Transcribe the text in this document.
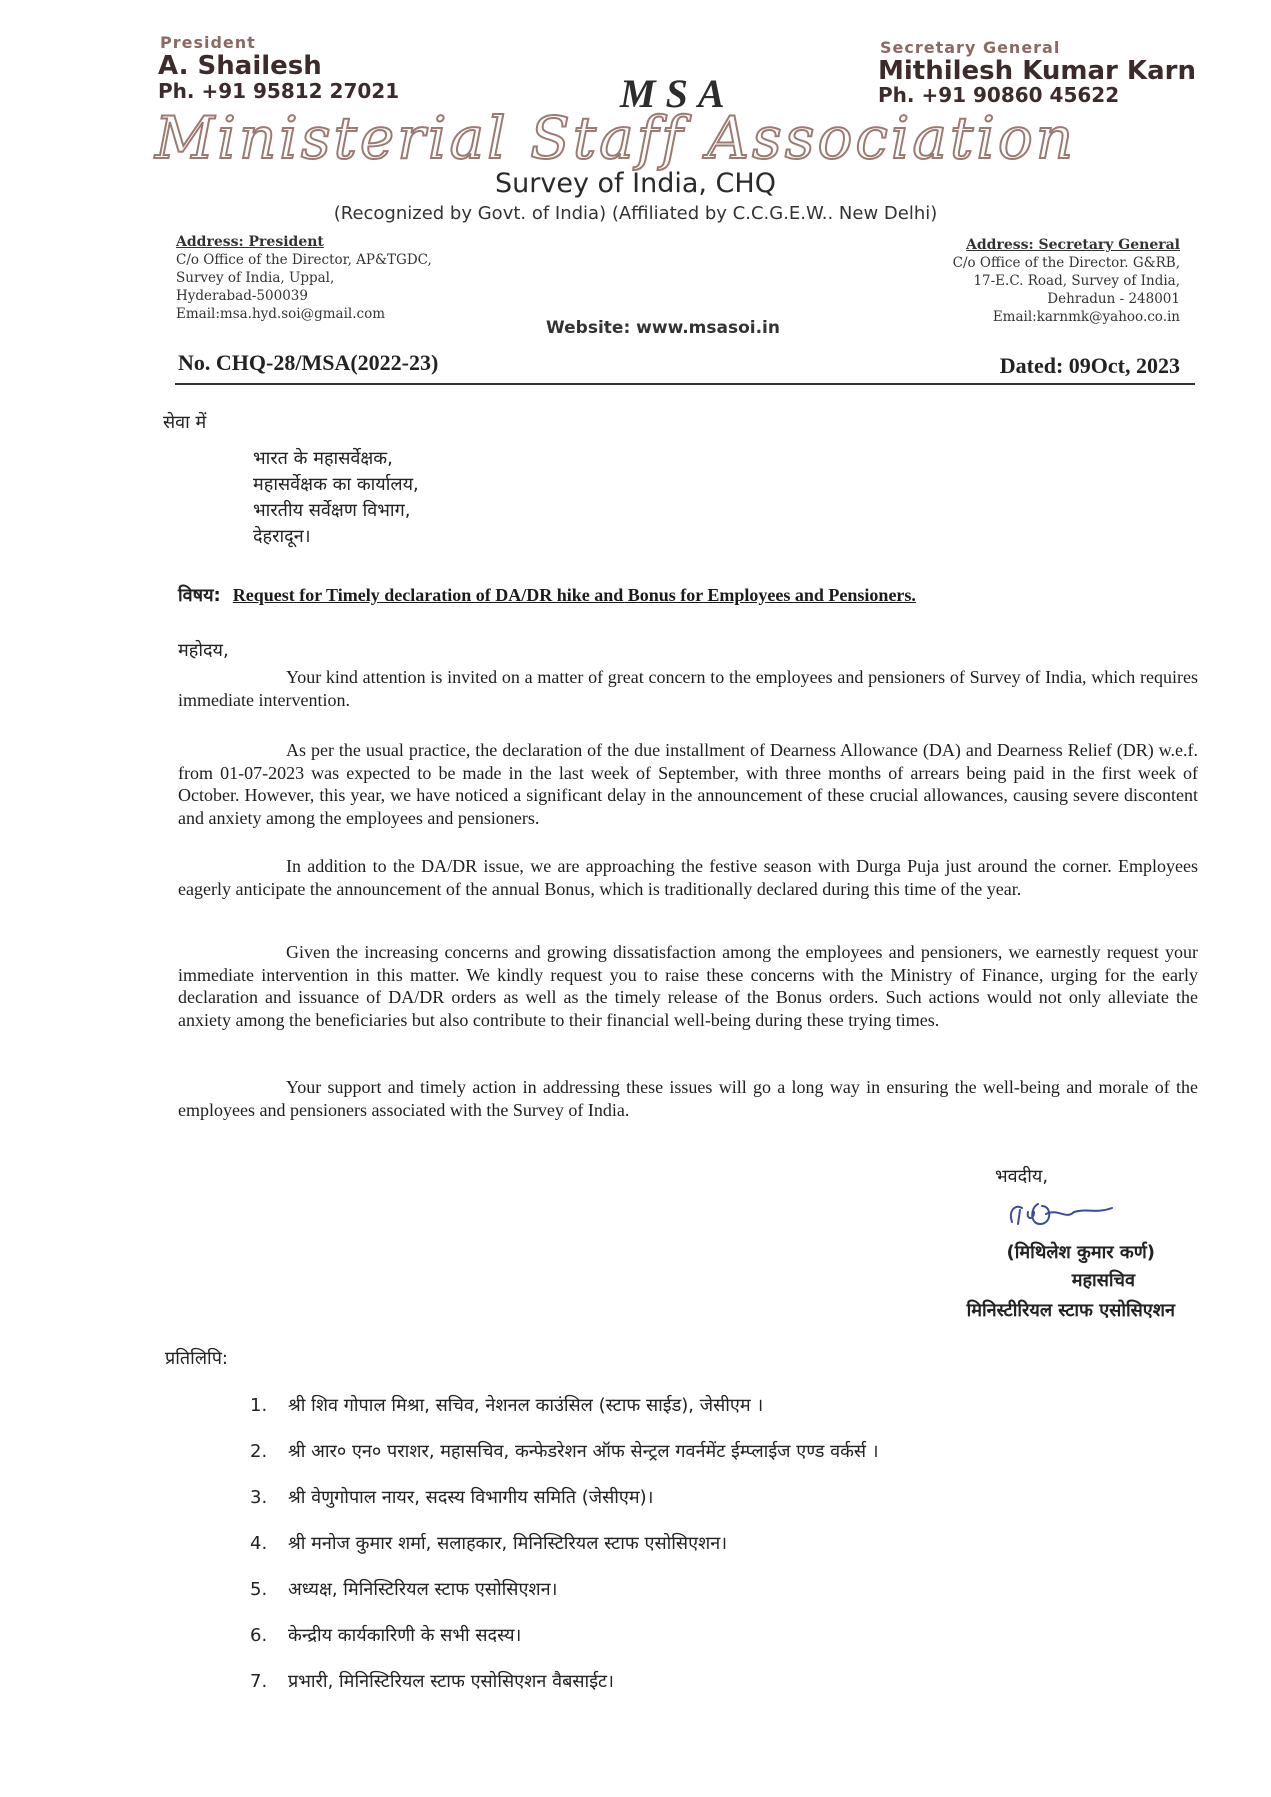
President
A. Shailesh
Ph. +91 95812 27021
Secretary General
Mithilesh Kumar Karn
Ph. +91 90860 45622
MSA
Ministerial Staff Association
Survey of India, CHQ
(Recognized by Govt. of India) (Affiliated by C.C.G.E.W.. New Delhi)
Address: President
C/o Office of the Director, AP&TGDC,
Survey of India, Uppal,
Hyderabad-500039
Email:msa.hyd.soi@gmail.com
Website: www.msasoi.in
Address: Secretary General
C/o Office of the Director. G&RB,
17-E.C. Road, Survey of India,
Dehradun - 248001
Email:karnmk@yahoo.co.in
No. CHQ-28/MSA(2022-23)	Dated: 09Oct, 2023
सेवा में
भारत के महासर्वेक्षक,
महासर्वेक्षक का कार्यालय,
भारतीय सर्वेक्षण विभाग,
देहरादून।
विषय: Request for Timely declaration of DA/DR hike and Bonus for Employees and Pensioners.
महोदय,
Your kind attention is invited on a matter of great concern to the employees and pensioners of Survey of India, which requires immediate intervention.
As per the usual practice, the declaration of the due installment of Dearness Allowance (DA) and Dearness Relief (DR) w.e.f. from 01-07-2023 was expected to be made in the last week of September, with three months of arrears being paid in the first week of October. However, this year, we have noticed a significant delay in the announcement of these crucial allowances, causing severe discontent and anxiety among the employees and pensioners.
In addition to the DA/DR issue, we are approaching the festive season with Durga Puja just around the corner. Employees eagerly anticipate the announcement of the annual Bonus, which is traditionally declared during this time of the year.
Given the increasing concerns and growing dissatisfaction among the employees and pensioners, we earnestly request your immediate intervention in this matter. We kindly request you to raise these concerns with the Ministry of Finance, urging for the early declaration and issuance of DA/DR orders as well as the timely release of the Bonus orders. Such actions would not only alleviate the anxiety among the beneficiaries but also contribute to their financial well-being during these trying times.
Your support and timely action in addressing these issues will go a long way in ensuring the well-being and morale of the employees and pensioners associated with the Survey of India.
भवदीय,
(मिथिलेश कुमार कर्ण)
महासचिव
मिनिस्टीरियल स्टाफ एसोसिएशन
प्रतिलिपि:
1. श्री शिव गोपाल मिश्रा, सचिव, नेशनल काउंसिल (स्टाफ साईड), जेसीएम ।
2. श्री आर० एन० पराशर, महासचिव, कन्फेडरेशन ऑफ सेन्ट्रल गवर्नमेंट ईम्प्लाईज एण्ड वर्कर्स ।
3. श्री वेणुगोपाल नायर, सदस्य विभागीय समिति (जेसीएम)।
4. श्री मनोज कुमार शर्मा, सलाहकार, मिनिस्टिरियल स्टाफ एसोसिएशन।
5. अध्यक्ष, मिनिस्टिरियल स्टाफ एसोसिएशन।
6. केन्द्रीय कार्यकारिणी के सभी सदस्य।
7. प्रभारी, मिनिस्टिरियल स्टाफ एसोसिएशन वैबसाईट।
